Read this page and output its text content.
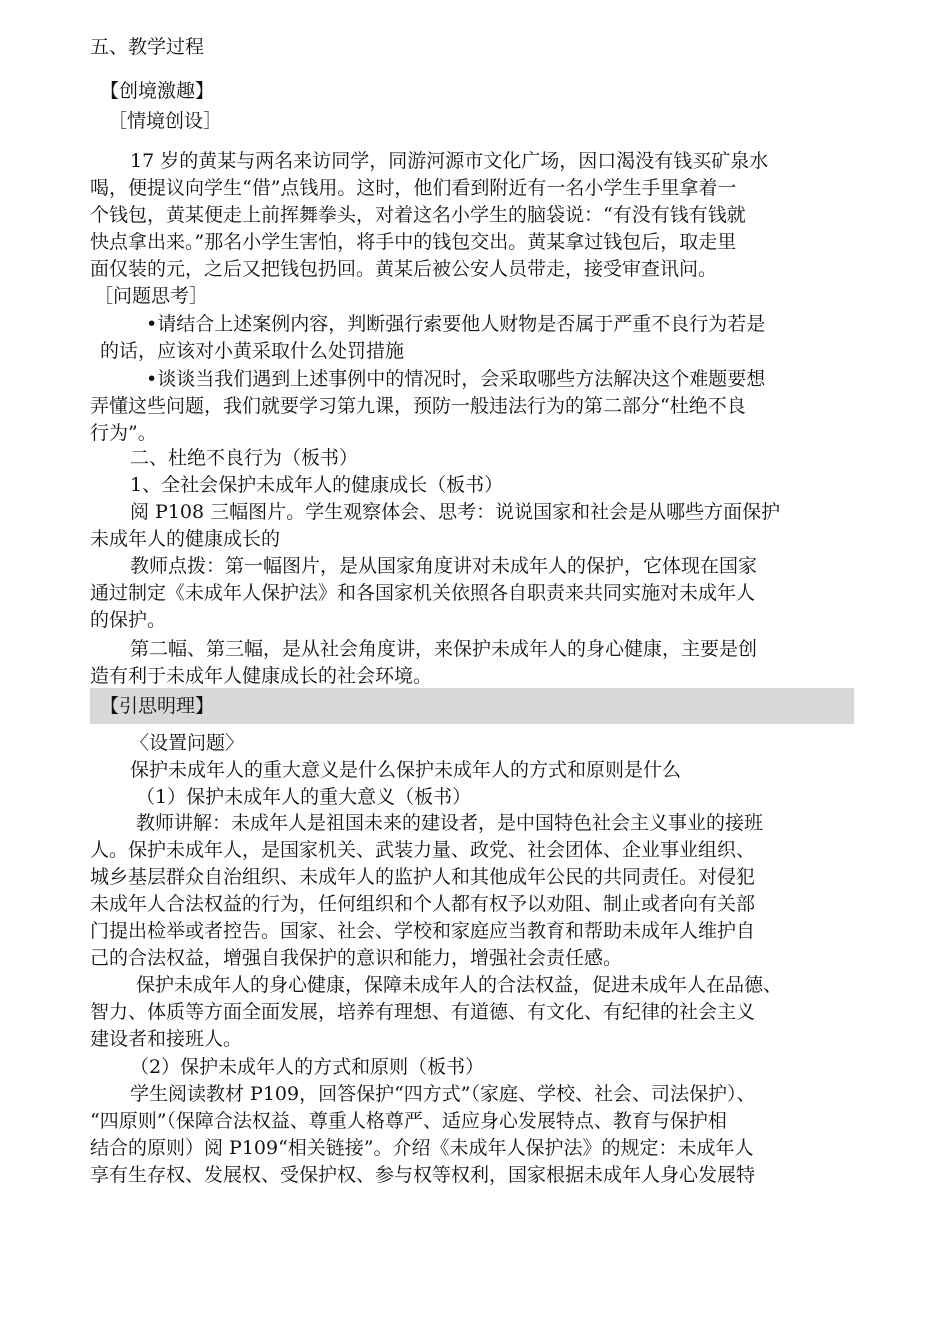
五、教学过程
【创境激趣】
［情境创设］
17 岁的黄某与两名来访同学，同游河源市文化广场，因口渴没有钱买矿泉水
喝，便提议向学生“借”点钱用。这时，他们看到附近有一名小学生手里拿着一
个钱包，黄某便走上前挥舞拳头，对着这名小学生的脑袋说：“有没有钱有钱就
快点拿出来。”那名小学生害怕，将手中的钱包交出。黄某拿过钱包后，取走里
面仅装的元，之后又把钱包扔回。黄某后被公安人员带走，接受审查讯问。
［问题思考］
•请结合上述案例内容，判断强行索要他人财物是否属于严重不良行为若是
的话，应该对小黄采取什么处罚措施
•谈谈当我们遇到上述事例中的情况时，会采取哪些方法解决这个难题要想
弄懂这些问题，我们就要学习第九课，预防一般违法行为的第二部分“杜绝不良
行为”。
二、杜绝不良行为（板书）
1、全社会保护未成年人的健康成长（板书）
阅 P108 三幅图片。学生观察体会、思考：说说国家和社会是从哪些方面保护
未成年人的健康成长的
教师点拨：第一幅图片，是从国家角度讲对未成年人的保护，它体现在国家
通过制定《未成年人保护法》和各国家机关依照各自职责来共同实施对未成年人
的保护。
第二幅、第三幅，是从社会角度讲，来保护未成年人的身心健康，主要是创
造有利于未成年人健康成长的社会环境。
【引思明理】
〈设置问题〉
保护未成年人的重大意义是什么保护未成年人的方式和原则是什么
（1）保护未成年人的重大意义（板书）
教师讲解：未成年人是祖国未来的建设者，是中国特色社会主义事业的接班
人。保护未成年人，是国家机关、武装力量、政党、社会团体、企业事业组织、
城乡基层群众自治组织、未成年人的监护人和其他成年公民的共同责任。对侵犯
未成年人合法权益的行为，任何组织和个人都有权予以劝阻、制止或者向有关部
门提出检举或者控告。国家、社会、学校和家庭应当教育和帮助未成年人维护自
己的合法权益，增强自我保护的意识和能力，增强社会责任感。
保护未成年人的身心健康，保障未成年人的合法权益，促进未成年人在品德、
智力、体质等方面全面发展，培养有理想、有道德、有文化、有纪律的社会主义
建设者和接班人。
（2）保护未成年人的方式和原则（板书）
学生阅读教材 P109，回答保护“四方式”（家庭、学校、社会、司法保护）、
“四原则”（保障合法权益、尊重人格尊严、适应身心发展特点、教育与保护相
结合的原则）阅 P109“相关链接”。介绍《未成年人保护法》的规定：未成年人
享有生存权、发展权、受保护权、参与权等权利，国家根据未成年人身心发展特
